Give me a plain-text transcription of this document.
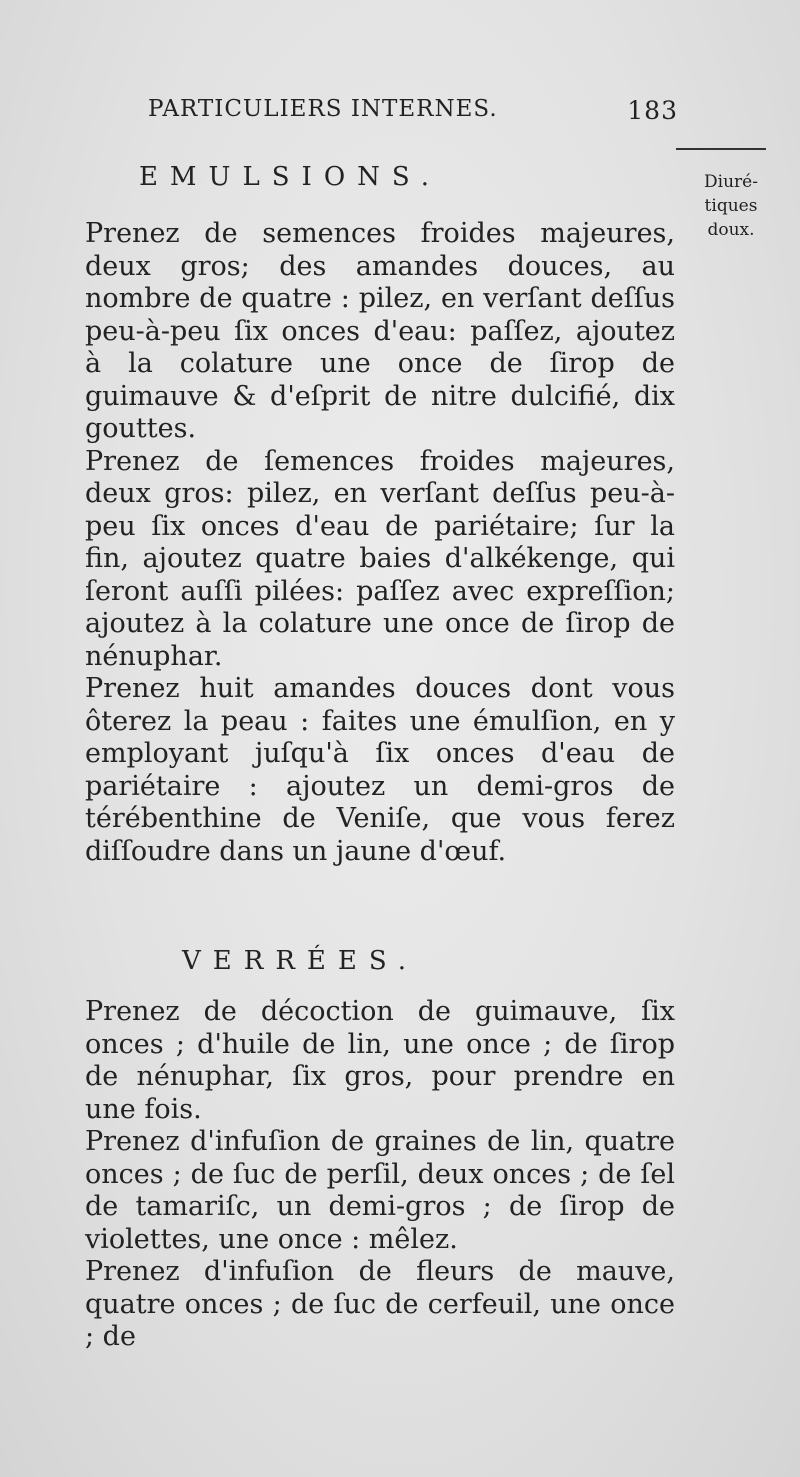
PARTICULIERS INTERNES.	183
Diuré-
tiques
doux.
EMULSIONS.

Prenez de semences froides majeures, deux gros; des amandes douces, au nombre de quatre : pilez, en verſant deſſus peu-à-peu ſix onces d'eau: paſſez, ajoutez à la colature une once de ſirop de guimauve & d'eſprit de nitre dulcifié, dix gouttes.

Prenez de ſemences froides majeures, deux gros: pilez, en verſant deſſus peu-à-peu ſix onces d'eau de pariétaire; ſur la fin, ajoutez quatre baies d'alkékenge, qui ſeront auſſi pilées: paſſez avec expreſſion; ajoutez à la colature une once de ſirop de nénuphar.

Prenez huit amandes douces dont vous ôterez la peau : faites une émulſion, en y employant juſqu'à ſix onces d'eau de pariétaire : ajoutez un demi-gros de térébenthine de Veniſe, que vous ferez diſſoudre dans un jaune d'œuf.

VERRÉES.

Prenez de décoction de guimauve, ſix onces ; d'huile de lin, une once ; de ſirop de nénuphar, ſix gros, pour prendre en une fois.

Prenez d'infuſion de graines de lin, quatre onces ; de ſuc de perſil, deux onces ; de ſel de tamariſc, un demi-gros ; de ſirop de violettes, une once : mêlez.

Prenez d'infuſion de fleurs de mauve, quatre onces ; de ſuc de cerfeuil, une once ; de
